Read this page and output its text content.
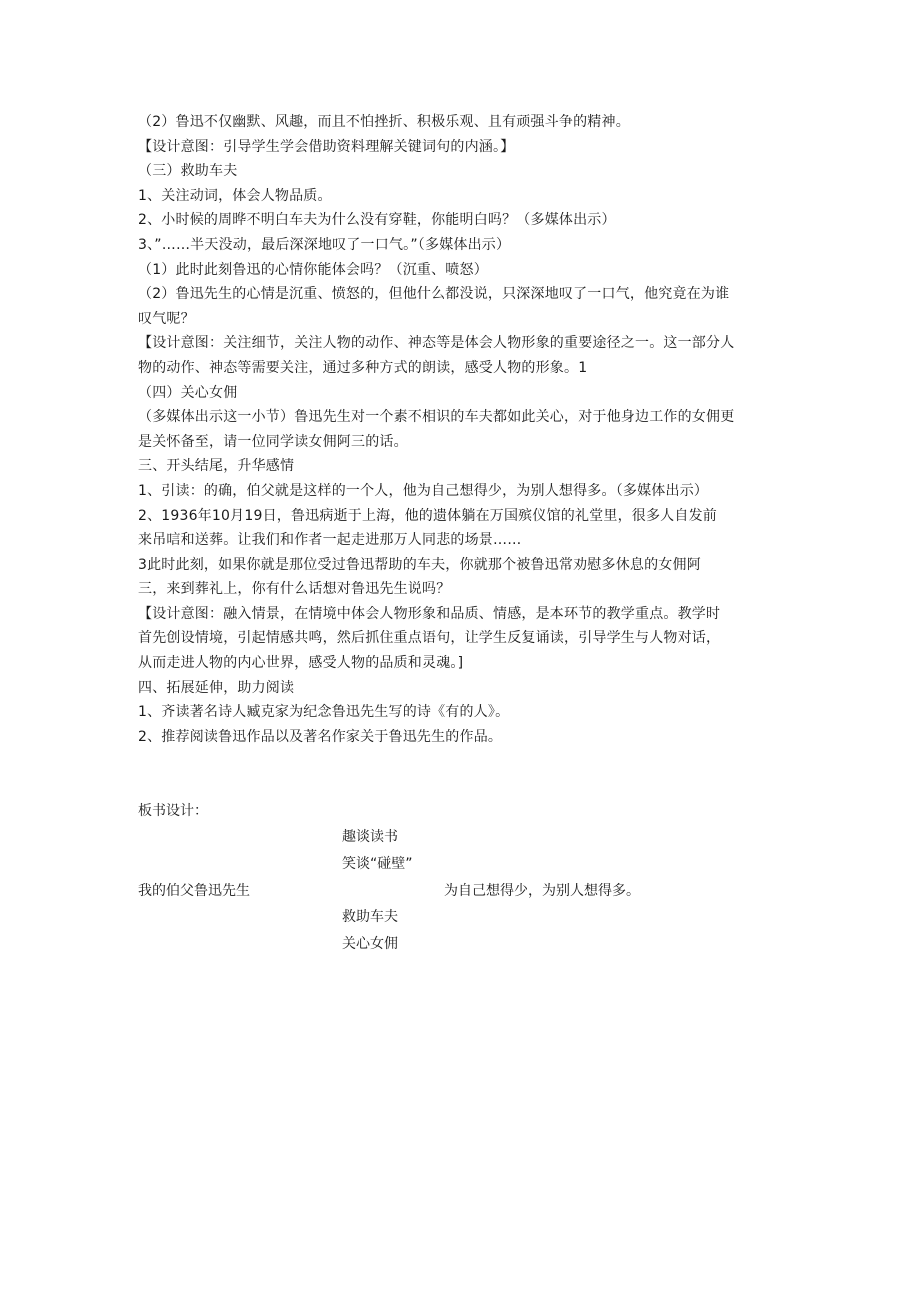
（2）鲁迅不仅幽默、风趣，而且不怕挫折、积极乐观、且有顽强斗争的精神。
【设计意图：引导学生学会借助资料理解关键词句的内涵。】
（三）救助车夫
1、关注动词，体会人物品质。
2、小时候的周晔不明白车夫为什么没有穿鞋，你能明白吗？（多媒体出示）
3、”……半天没动，最后深深地叹了一口气。”（多媒体出示）
（1）此时此刻鲁迅的心情你能体会吗？（沉重、喷怒）
（2）鲁迅先生的心情是沉重、愤怒的，但他什么都没说，只深深地叹了一口气，他究竟在为谁
叹气呢？
【设计意图：关注细节，关注人物的动作、神态等是体会人物形象的重要途径之一。这一部分人
物的动作、神态等需要关注，通过多种方式的朗读，感受人物的形象。1
（四）关心女佣
（多媒体出示这一小节）鲁迅先生对一个素不相识的车夫都如此关心，对于他身边工作的女佣更
是关怀备至，请一位同学读女佣阿三的话。
三、开头结尾，升华感情
1、引读：的确，伯父就是这样的一个人，他为自己想得少，为别人想得多。（多媒体出示）
2、1936年10月19日，鲁迅病逝于上海，他的遗体躺在万国殡仪馆的礼堂里，很多人自发前
来吊唁和送葬。让我们和作者一起走进那万人同悲的场景……
3此时此刻，如果你就是那位受过鲁迅帮助的车夫，你就那个被鲁迅常劝慰多休息的女佣阿
三，来到葬礼上，你有什么话想对鲁迅先生说吗？
【设计意图：融入情景，在情境中体会人物形象和品质、情感，是本环节的教学重点。教学时
首先创设情境，引起情感共鸣，然后抓住重点语句，让学生反复诵读，引导学生与人物对话，
从而走进人物的内心世界，感受人物的品质和灵魂。]
四、拓展延伸，助力阅读
1、齐读著名诗人臧克家为纪念鲁迅先生写的诗《有的人》。
2、推荐阅读鲁迅作品以及著名作家关于鲁迅先生的作品。
板书设计：
趣谈读书
笑谈“碰壁”
我的伯父鲁迅先生	为自己想得少，为别人想得多。
救助车夫
关心女佣
